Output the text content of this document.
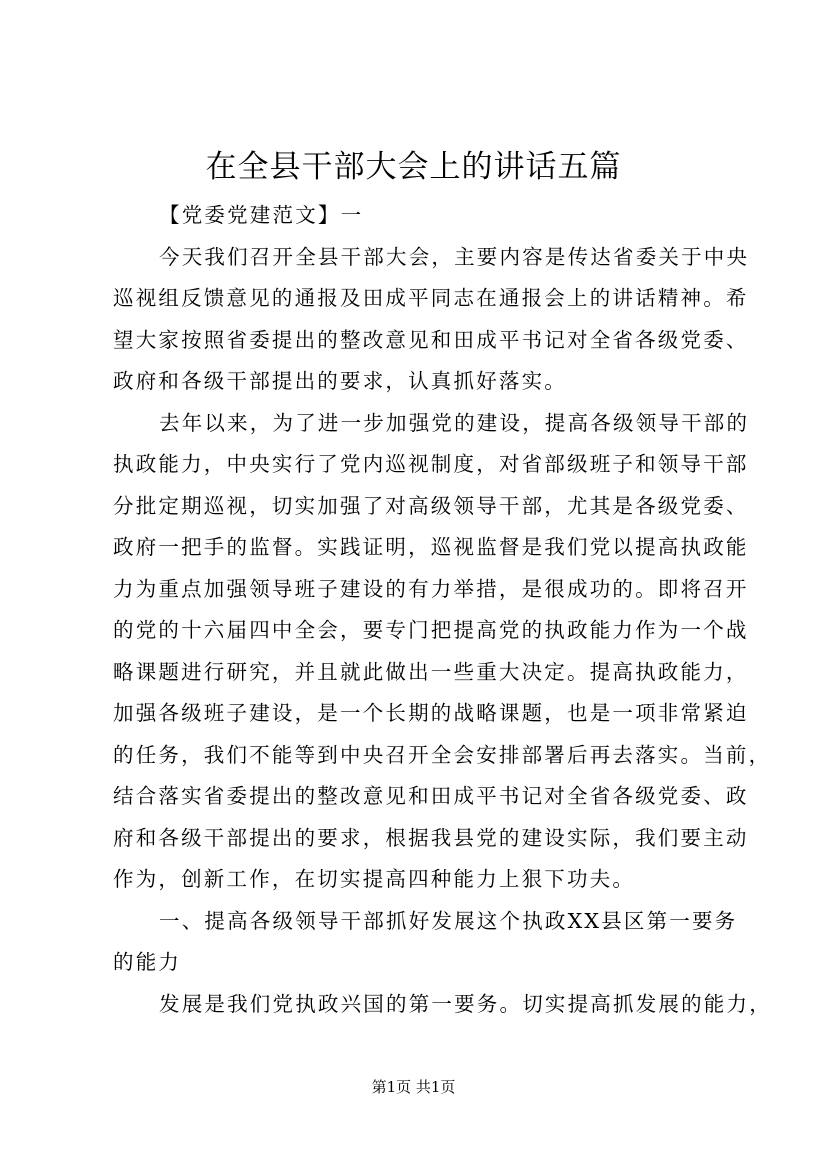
在全县干部大会上的讲话五篇
【党委党建范文】一
今天我们召开全县干部大会，主要内容是传达省委关于中央
巡视组反馈意见的通报及田成平同志在通报会上的讲话精神。希
望大家按照省委提出的整改意见和田成平书记对全省各级党委、
政府和各级干部提出的要求，认真抓好落实。
去年以来，为了进一步加强党的建设，提高各级领导干部的
执政能力，中央实行了党内巡视制度，对省部级班子和领导干部
分批定期巡视，切实加强了对高级领导干部，尤其是各级党委、
政府一把手的监督。实践证明，巡视监督是我们党以提高执政能
力为重点加强领导班子建设的有力举措，是很成功的。即将召开
的党的十六届四中全会，要专门把提高党的执政能力作为一个战
略课题进行研究，并且就此做出一些重大决定。提高执政能力，
加强各级班子建设，是一个长期的战略课题，也是一项非常紧迫
的任务，我们不能等到中央召开全会安排部署后再去落实。当前，
结合落实省委提出的整改意见和田成平书记对全省各级党委、政
府和各级干部提出的要求，根据我县党的建设实际，我们要主动
作为，创新工作，在切实提高四种能力上狠下功夫。
一、提高各级领导干部抓好发展这个执政XX县区第一要务
的能力
发展是我们党执政兴国的第一要务。切实提高抓发展的能力，
第1页 共1页
